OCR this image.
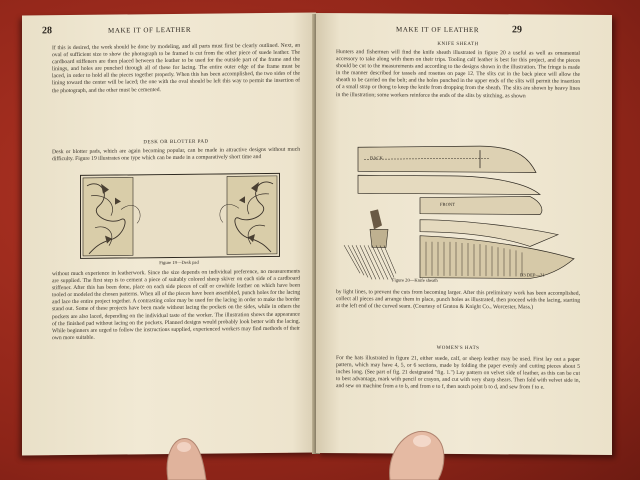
28	MAKE IT OF LEATHER
If this is desired, the work should be done by modeling, and all parts must first be clearly outlined. Next, an oval of sufficient size to show the photograph to be framed is cut from the other piece of suede leather. The cardboard stiffeners are then placed between the leather to be used for the outside part of the frame and the linings, and holes are punched through all of these for lacing. The entire outer edge of the frame must be laced, in order to hold all the pieces together properly. When this has been accomplished, the two sides of the lining toward the center will be laced; the one with the oval should be left this way to permit the insertion of the photograph, and the other must be cemented.
DESK OR BLOTTER PAD
Desk or blotter pads, which are again becoming popular, can be made in attractive designs without much difficulty. Figure 19 illustrates one type which can be made in a comparatively short time and
Figure 19—Desk pad
without much experience in leatherwork. Since the size depends on individual preference, no measurements are supplied. The first step is to cement a piece of suitably colored sheep skiver on each side of a cardboard stiffener. After this has been done, place on each side pieces of calf or cowhide leather on which have been tooled or modeled the chosen patterns. When all of the pieces have been assembled, punch holes for the lacing and lace the entire project together. A contrasting color may be used for the lacing in order to make the border stand out. Some of these projects have been made without lacing the pockets on the sides, while in others the pockets are also laced, depending on the individual taste of the worker. The illustration shows the appearance of the finished pad without lacing on the pockets. Planned designs would probably look better with the lacing. While beginners are urged to follow the instructions supplied, experienced workers may find methods of their own more suitable.
MAKE IT OF LEATHER	29
KNIFE SHEATH
Hunters and fishermen will find the knife sheath illustrated in figure 20 a useful as well as ornamental accessory to take along with them on their trips. Tooling calf leather is best for this project, and the pieces should be cut to the measurements and according to the designs shown in the illustration. The fringe is made in the manner described for tassels and rosettes on page 12. The slits cut in the back piece will allow the sheath to be carried on the belt; and the holes punched in the upper ends of the slits will permit the insertion of a small strap or thong to keep the knife from dropping from the sheath. The slits are shown by heavy lines in the illustration; some workers reinforce the ends of the slits by stitching, as shown
BACK
FRONT
D3 DEP—21
Figure 20—Knife sheath
by light lines, to prevent the cuts from becoming larger. After this preliminary work has been accomplished, collect all pieces and arrange them in place, punch holes as illustrated, then proceed with the lacing, starting at the left end of the curved seam. (Courtesy of Graton & Knight Co., Worcester, Mass.)
WOMEN'S HATS
For the hats illustrated in figure 21, either suede, calf, or sheep leather may be used. First lay out a paper pattern, which may have 4, 5, or 6 sections, made by folding the paper evenly and cutting pieces about 5 inches long. (See part of fig. 21 designated "fig. 1.") Lay pattern on velvet side of leather, as this can be cut to best advantage, mark with pencil or crayon, and cut with very sharp shears. Then fold with velvet side in, and sew on machine from a to b, and from e to f, then notch point b to d, and sew from f to e.
